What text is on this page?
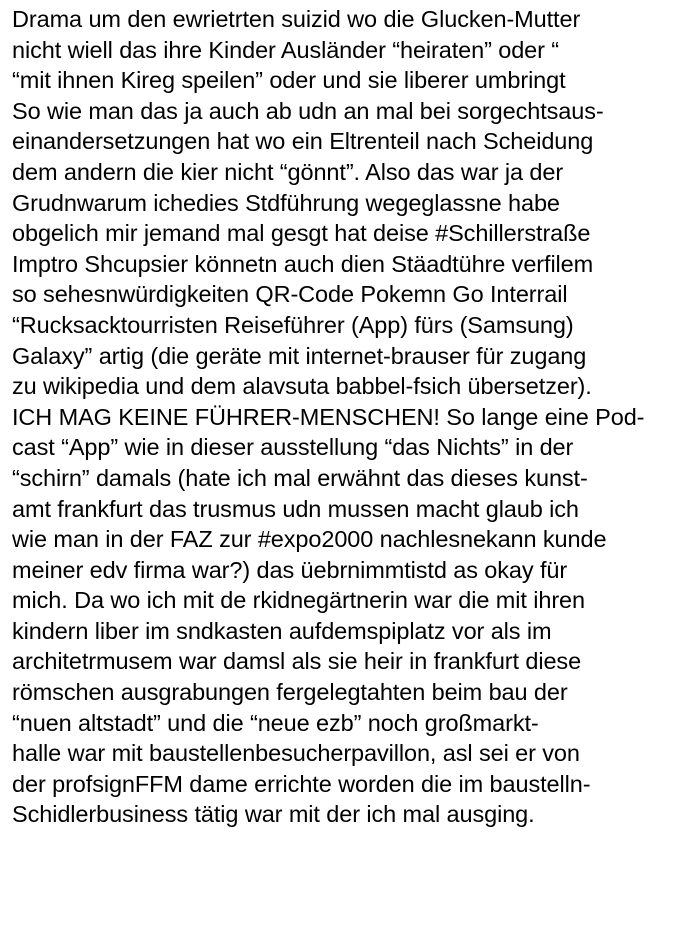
Drama um den ewrietrten suizid wo die Glucken-Mutter
nicht wiell das ihre Kinder Ausländer “heiraten” oder “
“mit ihnen Kireg speilen” oder und sie liberer umbringt
So wie man das ja auch ab udn an mal bei sorgechtsaus-
einandersetzungen hat wo ein Eltrenteil nach Scheidung
dem andern die kier nicht “gönnt”. Also das war ja der
Grudnwarum ichedies Stdführung wegeglassne habe
obgelich mir jemand mal gesgt hat deise #Schillerstraße
Imptro Shcupsier könnetn auch dien Stäadtühre verfilem
so sehesnwürdigkeiten QR-Code Pokemn Go Interrail
“Rucksacktourristen Reiseführer (App) fürs (Samsung)
Galaxy” artig (die geräte mit internet-brauser für zugang
zu wikipedia und dem alavsuta babbel-fsich übersetzer).
ICH MAG KEINE FÜHRER-MENSCHEN! So lange eine Pod-
cast “App” wie in dieser ausstellung “das Nichts” in der
“schirn” damals (hate ich mal erwähnt das dieses kunst-
amt frankfurt das trusmus udn mussen macht glaub ich
wie man in der FAZ zur #expo2000 nachlesnekann kunde
meiner edv firma war?) das üebrnimmtistd as okay für
mich. Da wo ich mit de rkidnegärtnerin war die mit ihren
kindern liber im sndkasten aufdemspiplatz vor als im
architetrmusem war damsl als sie heir in frankfurt diese
römschen ausgrabungen fergelegtahten beim bau der
“nuen altstadt” und die “neue ezb” noch großmarkt-
halle war mit baustellenbesucherpavillon, asl sei er von
der profsignFFM dame errichte worden die im baustelln-
Schidlerbusiness tätig war mit der ich mal ausging.
